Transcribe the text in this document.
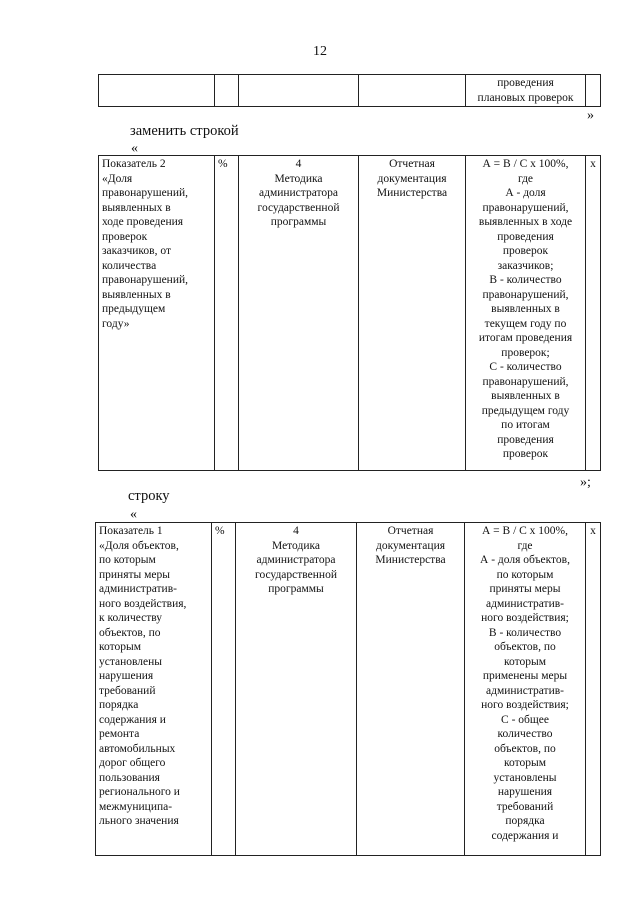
12
				проведения
плановых проверок	
»
заменить строкой
«
Показатель 2
«Доля
правонарушений,
выявленных в
ходе проведения
проверок
заказчиков, от
количества
правонарушений,
выявленных в
предыдущем
году»	%	4
Методика
администратора
государственной
программы	Отчетная
документация
Министерства	А = В / С х 100%,
где
А - доля
правонарушений,
выявленных в ходе
проведения
проверок
заказчиков;
В - количество
правонарушений,
выявленных в
текущем году по
итогам проведения
проверок;
С - количество
правонарушений,
выявленных в
предыдущем году
по итогам
проведения
проверок	х
»;
строку
«
Показатель 1
«Доля объектов,
по которым
приняты меры
административ-
ного воздействия,
к количеству
объектов, по
которым
установлены
нарушения
требований
порядка
содержания и
ремонта
автомобильных
дорог общего
пользования
регионального и
межмуниципа-
льного значения	%	4
Методика
администратора
государственной
программы	Отчетная
документация
Министерства	А = В / С х 100%,
где
А - доля объектов,
по которым
приняты меры
административ-
ного воздействия;
В - количество
объектов, по
которым
применены меры
административ-
ного воздействия;
С - общее
количество
объектов, по
которым
установлены
нарушения
требований
порядка
содержания и	х
